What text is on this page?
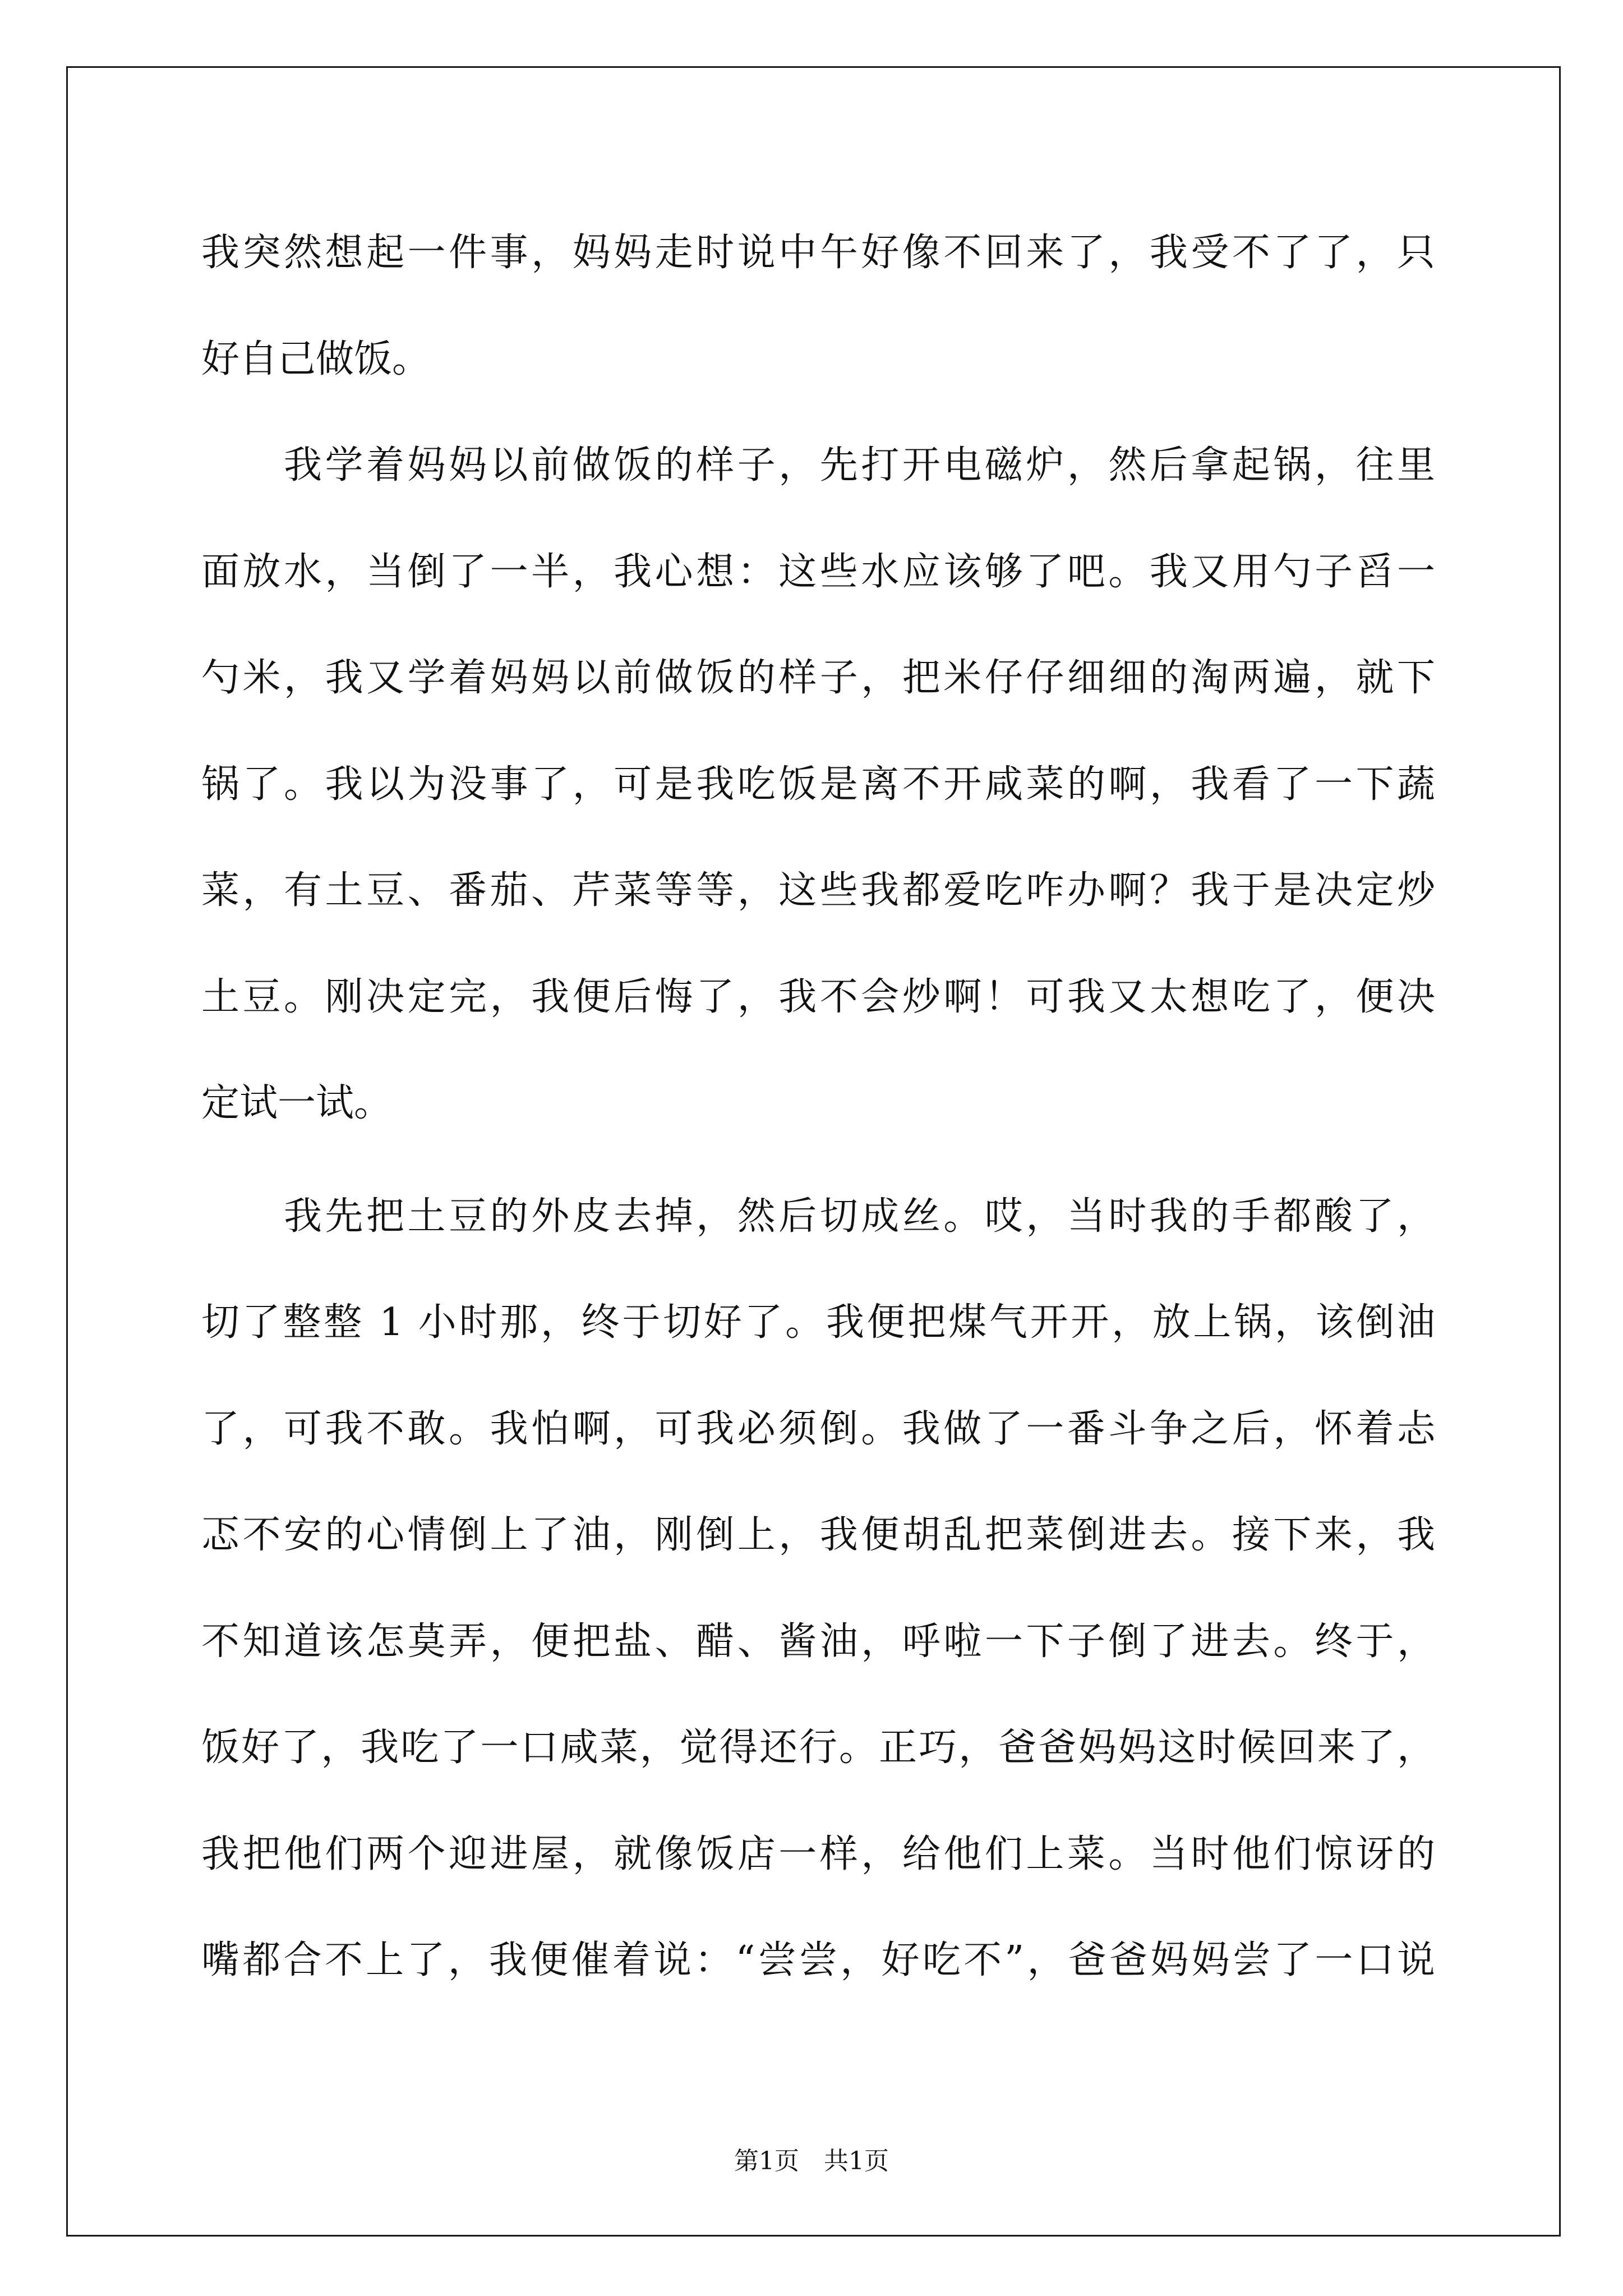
我突然想起一件事，妈妈走时说中午好像不回来了，我受不了了，只
好自己做饭。
我学着妈妈以前做饭的样子，先打开电磁炉，然后拿起锅，往里
面放水，当倒了一半，我心想：这些水应该够了吧。我又用勺子舀一
勺米，我又学着妈妈以前做饭的样子，把米仔仔细细的淘两遍，就下
锅了。我以为没事了，可是我吃饭是离不开咸菜的啊，我看了一下蔬
菜，有土豆、番茄、芹菜等等，这些我都爱吃咋办啊？我于是决定炒
土豆。刚决定完，我便后悔了，我不会炒啊！可我又太想吃了，便决
定试一试。
我先把土豆的外皮去掉，然后切成丝。哎，当时我的手都酸了，
切了整整 1 小时那，终于切好了。我便把煤气开开，放上锅，该倒油
了，可我不敢。我怕啊，可我必须倒。我做了一番斗争之后，怀着忐
忑不安的心情倒上了油，刚倒上，我便胡乱把菜倒进去。接下来，我
不知道该怎莫弄，便把盐、醋、酱油，呼啦一下子倒了进去。终于，
饭好了，我吃了一口咸菜，觉得还行。正巧，爸爸妈妈这时候回来了，
我把他们两个迎进屋，就像饭店一样，给他们上菜。当时他们惊讶的
嘴都合不上了，我便催着说：“尝尝，好吃不”，爸爸妈妈尝了一口说
第1页 共1页
